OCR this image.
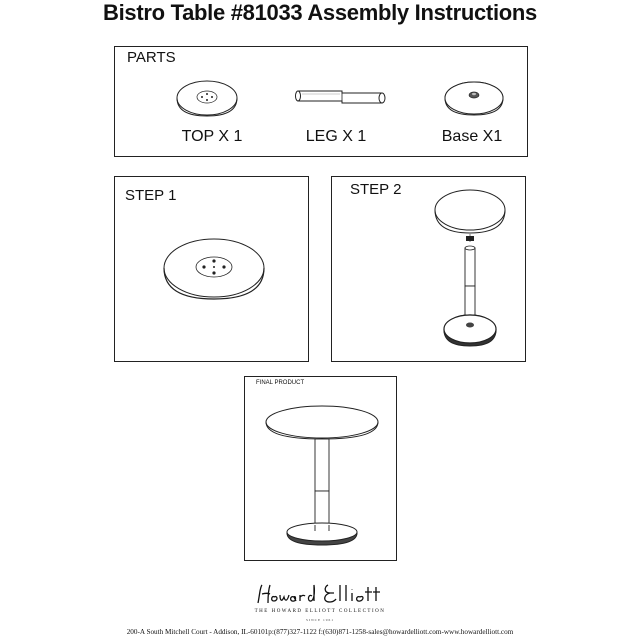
Bistro Table #81033 Assembly Instructions
PARTS
TOP X 1	LEG X 1	Base X1
STEP 1	STEP 2
FINAL PRODUCT
THE HOWARD ELLIOTT COLLECTION
SINCE 1961
200-A South Mitchell Court - Addison, IL-60101p:(877)327-1122 f:(630)871-1258-sales@howardelliott.com-www.howardelliott.com
